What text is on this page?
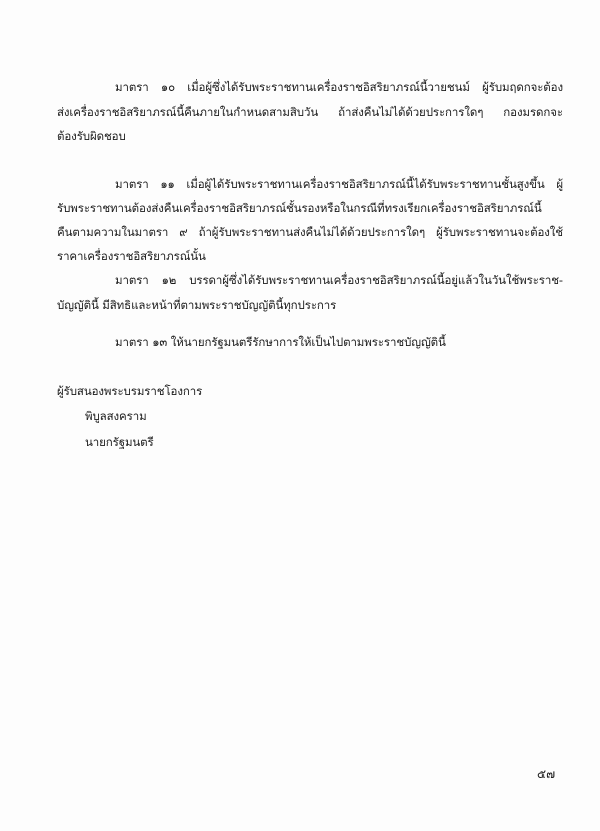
มาตรา ๑๐ เมื่อผู้ซึ่งได้รับพระราชทานเครื่องราชอิสริยาภรณ์นี้วายชนม์ ผู้รับมฤดกจะต้อง
ส่งเครื่องราชอิสริยาภรณ์นี้คืนภายในกำหนดสามสิบวัน ถ้าส่งคืนไม่ได้ด้วยประการใดๆ กองมรดกจะ
ต้องรับผิดชอบ
มาตรา ๑๑ เมื่อผู้ได้รับพระราชทานเครื่องราชอิสริยาภรณ์นี้ได้รับพระราชทานชั้นสูงขึ้น ผู้
รับพระราชทานต้องส่งคืนเครื่องราชอิสริยาภรณ์ชั้นรองหรือในกรณีที่ทรงเรียกเครื่องราชอิสริยาภรณ์นี้
คืนตามความในมาตรา ๙ ถ้าผู้รับพระราชทานส่งคืนไม่ได้ด้วยประการใดๆ ผู้รับพระราชทานจะต้องใช้
ราคาเครื่องราชอิสริยาภรณ์นั้น
มาตรา ๑๒ บรรดาผู้ซึ่งได้รับพระราชทานเครื่องราชอิสริยาภรณ์นี้อยู่แล้วในวันใช้พระราช-
บัญญัตินี้ มีสิทธิและหน้าที่ตามพระราชบัญญัตินี้ทุกประการ
มาตรา ๑๓ ให้นายกรัฐมนตรีรักษาการให้เป็นไปตามพระราชบัญญัตินี้
ผู้รับสนองพระบรมราชโองการ
พิบูลสงคราม
นายกรัฐมนตรี
๕๗
